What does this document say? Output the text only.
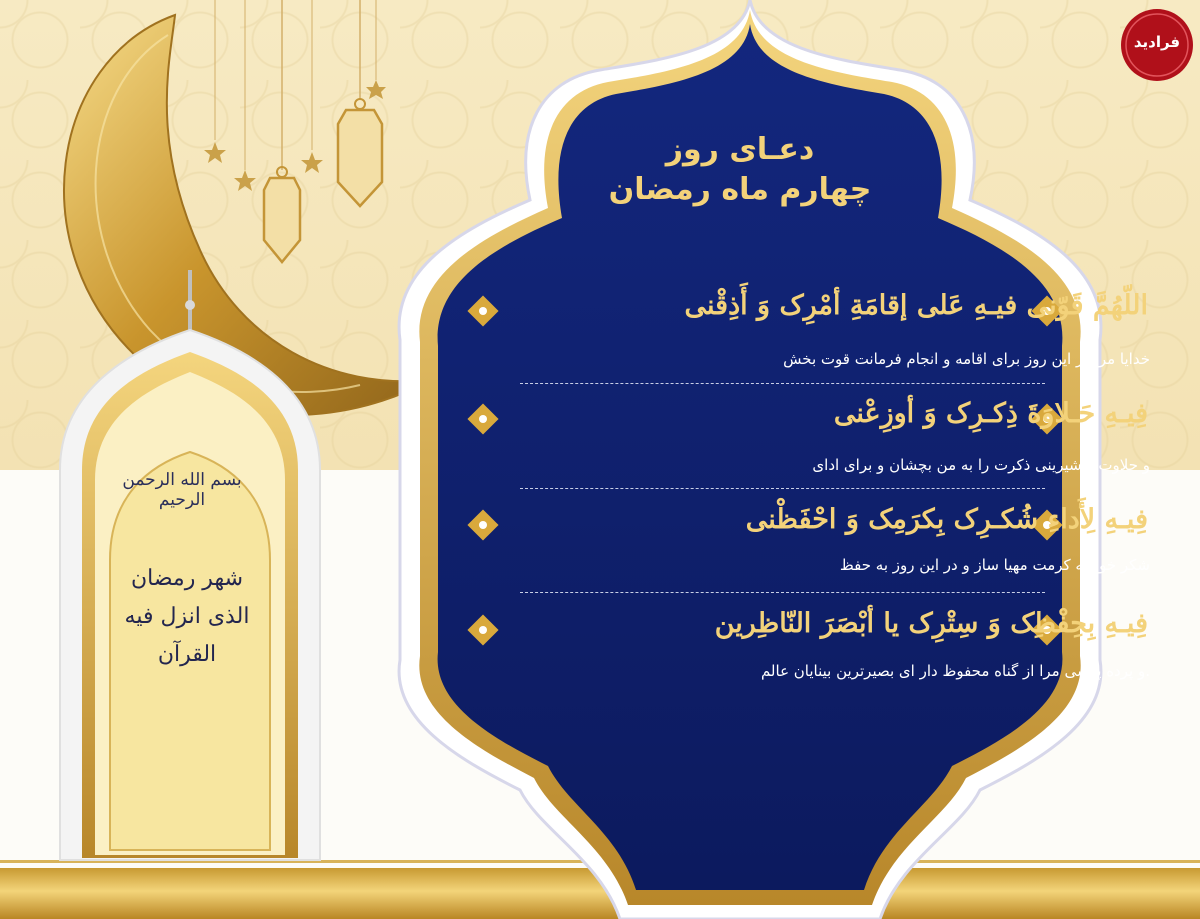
فرادید
دعـای روز
چهارم ماه رمضان
اللّهُمَّ قَوّنی فیـهِ عَلی إقامَةِ أمْرِک وَ أَذِقْنی
خدایا مرا در این روز برای اقامه و انجام فرمانت قوت بخش
فِیـهِ حَـلاوَةَ ذِکـرِک وَ أوزِعْنی
و حلاوت و شیرینی ذکرت را به من بچشان و برای ادای
فِیـهِ لِأَداءِ شُکـرِک بِکرَمِک وَ احْفَظْنی
شکر خود به کرمت مهیا ساز و در این روز به حفظ
فِیـهِ بِحِفْظِک وَ سِتْرِک یا أبْصَرَ النّاظِرین
و پرده پوشی مرا از گناه محفوظ دار ای بصیرترین بینایان عالم.
بسم الله الرحمن الرحیم
شهر رمضان
الذی انزل فیه
القرآن
